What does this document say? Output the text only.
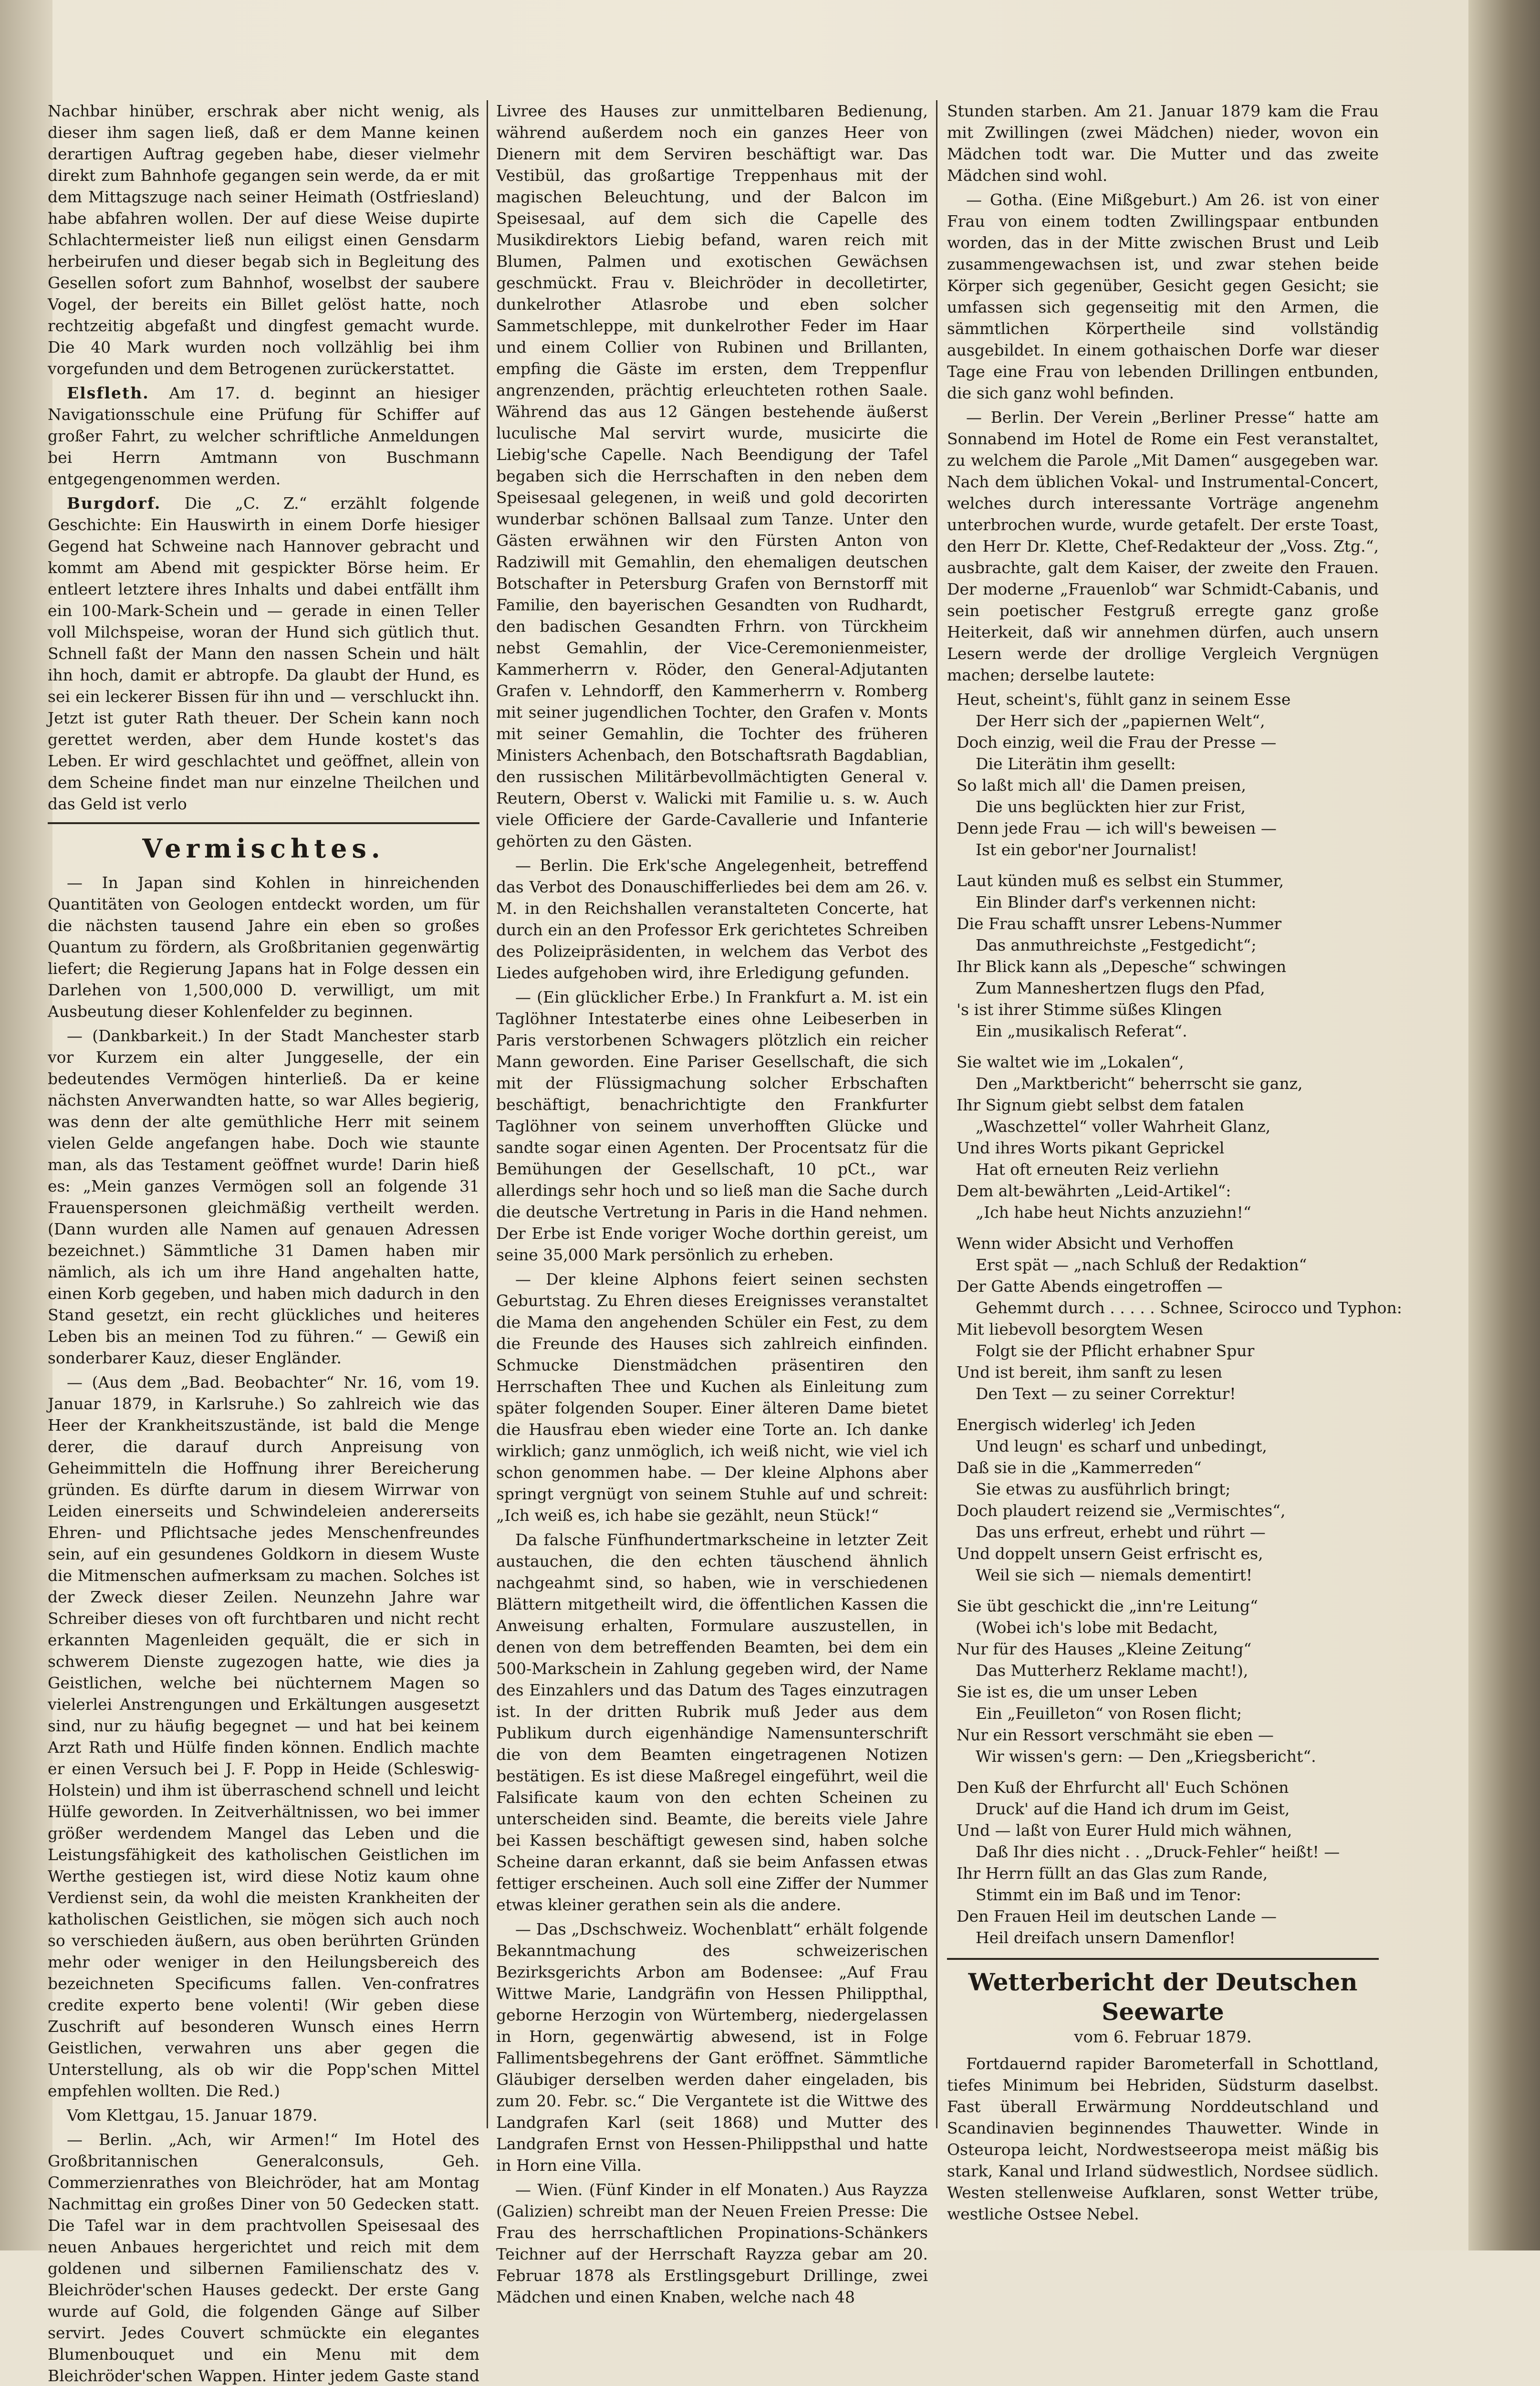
Nachbar hinüber, erschrak aber nicht wenig, als dieser ihm sagen ließ, daß er dem Manne keinen derartigen Auftrag gegeben habe, dieser vielmehr direkt zum Bahnhofe gegangen sein werde, da er mit dem Mittagszuge nach seiner Heimath (Ostfriesland) habe abfahren wollen. Der auf diese Weise dupirte Schlachtermeister ließ nun eiligst einen Gensdarm herbeirufen und dieser begab sich in Begleitung des Gesellen sofort zum Bahnhof, woselbst der saubere Vogel, der bereits ein Billet gelöst hatte, noch rechtzeitig abgefaßt und dingfest gemacht wurde. Die 40 Mark wurden noch vollzählig bei ihm vorgefunden und dem Betrogenen zurückerstattet.

Elsfleth. Am 17. d. beginnt an hiesiger Navigationsschule eine Prüfung für Schiffer auf großer Fahrt, zu welcher schriftliche Anmeldungen bei Herrn Amtmann von Buschmann entgegengenommen werden.

Burgdorf. Die „C. Z.“ erzählt folgende Geschichte: Ein Hauswirth in einem Dorfe hiesiger Gegend hat Schweine nach Hannover gebracht und kommt am Abend mit gespickter Börse heim. Er entleert letztere ihres Inhalts und dabei entfällt ihm ein 100-Mark-Schein und — gerade in einen Teller voll Milchspeise, woran der Hund sich gütlich thut. Schnell faßt der Mann den nassen Schein und hält ihn hoch, damit er abtropfe. Da glaubt der Hund, es sei ein leckerer Bissen für ihn und — verschluckt ihn. Jetzt ist guter Rath theuer. Der Schein kann noch gerettet werden, aber dem Hunde kostet's das Leben. Er wird geschlachtet und geöffnet, allein von dem Scheine findet man nur einzelne Theilchen und das Geld ist verlo

Vermischtes.

— In Japan sind Kohlen in hinreichenden Quantitäten von Geologen entdeckt worden, um für die nächsten tausend Jahre ein eben so großes Quantum zu fördern, als Großbritanien gegenwärtig liefert; die Regierung Japans hat in Folge dessen ein Darlehen von 1,500,000 D. verwilligt, um mit Ausbeutung dieser Kohlenfelder zu beginnen.

— (Dankbarkeit.) In der Stadt Manchester starb vor Kurzem ein alter Junggeselle, der ein bedeutendes Vermögen hinterließ. Da er keine nächsten Anverwandten hatte, so war Alles begierig, was denn der alte gemüthliche Herr mit seinem vielen Gelde angefangen habe. Doch wie staunte man, als das Testament geöffnet wurde! Darin hieß es: „Mein ganzes Vermögen soll an folgende 31 Frauenspersonen gleichmäßig vertheilt werden. (Dann wurden alle Namen auf genauen Adressen bezeichnet.) Sämmtliche 31 Damen haben mir nämlich, als ich um ihre Hand angehalten hatte, einen Korb gegeben, und haben mich dadurch in den Stand gesetzt, ein recht glückliches und heiteres Leben bis an meinen Tod zu führen.“ — Gewiß ein sonderbarer Kauz, dieser Engländer.

— (Aus dem „Bad. Beobachter“ Nr. 16, vom 19. Januar 1879, in Karlsruhe.) So zahlreich wie das Heer der Krankheitszustände, ist bald die Menge derer, die darauf durch Anpreisung von Geheimmitteln die Hoffnung ihrer Bereicherung gründen. Es dürfte darum in diesem Wirrwar von Leiden einerseits und Schwindeleien andererseits Ehren- und Pflichtsache jedes Menschenfreundes sein, auf ein gesundenes Goldkorn in diesem Wuste die Mitmenschen aufmerksam zu machen. Solches ist der Zweck dieser Zeilen. Neunzehn Jahre war Schreiber dieses von oft furchtbaren und nicht recht erkannten Magenleiden gequält, die er sich in schwerem Dienste zugezogen hatte, wie dies ja Geistlichen, welche bei nüchternem Magen so vielerlei Anstrengungen und Erkältungen ausgesetzt sind, nur zu häufig begegnet — und hat bei keinem Arzt Rath und Hülfe finden können. Endlich machte er einen Versuch bei J. F. Popp in Heide (Schleswig-Holstein) und ihm ist überraschend schnell und leicht Hülfe geworden. In Zeitverhältnissen, wo bei immer größer werdendem Mangel das Leben und die Leistungsfähigkeit des katholischen Geistlichen im Werthe gestiegen ist, wird diese Notiz kaum ohne Verdienst sein, da wohl die meisten Krankheiten der katholischen Geistlichen, sie mögen sich auch noch so verschieden äußern, aus oben berührten Gründen mehr oder weniger in den Heilungsbereich des bezeichneten Specificums fallen. Ven-confratres credite experto bene volenti! (Wir geben diese Zuschrift auf besonderen Wunsch eines Herrn Geistlichen, verwahren uns aber gegen die Unterstellung, als ob wir die Popp'schen Mittel empfehlen wollten. Die Red.)

Vom Klettgau, 15. Januar 1879.

— Berlin. „Ach, wir Armen!“ Im Hotel des Großbritannischen Generalconsuls, Geh. Commerzienrathes von Bleichröder, hat am Montag Nachmittag ein großes Diner von 50 Gedecken statt. Die Tafel war in dem prachtvollen Speisesaal des neuen Anbaues hergerichtet und reich mit dem goldenen und silbernen Familienschatz des v. Bleichröder'schen Hauses gedeckt. Der erste Gang wurde auf Gold, die folgenden Gänge auf Silber servirt. Jedes Couvert schmückte ein elegantes Blumenbouquet und ein Menu mit dem Bleichröder'schen Wappen. Hinter jedem Gaste stand

Livree des Hauses zur unmittelbaren Bedienung, während außerdem noch ein ganzes Heer von Dienern mit dem Serviren beschäftigt war. Das Vestibül, das großartige Treppenhaus mit der magischen Beleuchtung, und der Balcon im Speisesaal, auf dem sich die Capelle des Musikdirektors Liebig befand, waren reich mit Blumen, Palmen und exotischen Gewächsen geschmückt. Frau v. Bleichröder in decolletirter, dunkelrother Atlasrobe und eben solcher Sammetschleppe, mit dunkelrother Feder im Haar und einem Collier von Rubinen und Brillanten, empfing die Gäste im ersten, dem Treppenflur angrenzenden, prächtig erleuchteten rothen Saale. Während das aus 12 Gängen bestehende äußerst luculische Mal servirt wurde, musicirte die Liebig'sche Capelle. Nach Beendigung der Tafel begaben sich die Herrschaften in den neben dem Speisesaal gelegenen, in weiß und gold decorirten wunderbar schönen Ballsaal zum Tanze. Unter den Gästen erwähnen wir den Fürsten Anton von Radziwill mit Gemahlin, den ehemaligen deutschen Botschafter in Petersburg Grafen von Bernstorff mit Familie, den bayerischen Gesandten von Rudhardt, den badischen Gesandten Frhrn. von Türckheim nebst Gemahlin, der Vice-Ceremonienmeister, Kammerherrn v. Röder, den General-Adjutanten Grafen v. Lehndorff, den Kammerherrn v. Romberg mit seiner jugendlichen Tochter, den Grafen v. Monts mit seiner Gemahlin, die Tochter des früheren Ministers Achenbach, den Botschaftsrath Bagdablian, den russischen Militärbevollmächtigten General v. Reutern, Oberst v. Walicki mit Familie u. s. w. Auch viele Officiere der Garde-Cavallerie und Infanterie gehörten zu den Gästen.

— Berlin. Die Erk'sche Angelegenheit, betreffend das Verbot des Donauschifferliedes bei dem am 26. v. M. in den Reichshallen veranstalteten Concerte, hat durch ein an den Professor Erk gerichtetes Schreiben des Polizeipräsidenten, in welchem das Verbot des Liedes aufgehoben wird, ihre Erledigung gefunden.

— (Ein glücklicher Erbe.) In Frankfurt a. M. ist ein Taglöhner Intestaterbe eines ohne Leibeserben in Paris verstorbenen Schwagers plötzlich ein reicher Mann geworden. Eine Pariser Gesellschaft, die sich mit der Flüssigmachung solcher Erbschaften beschäftigt, benachrichtigte den Frankfurter Taglöhner von seinem unverhofften Glücke und sandte sogar einen Agenten. Der Procentsatz für die Bemühungen der Gesellschaft, 10 pCt., war allerdings sehr hoch und so ließ man die Sache durch die deutsche Vertretung in Paris in die Hand nehmen. Der Erbe ist Ende voriger Woche dorthin gereist, um seine 35,000 Mark persönlich zu erheben.

— Der kleine Alphons feiert seinen sechsten Geburtstag. Zu Ehren dieses Ereignisses veranstaltet die Mama den angehenden Schüler ein Fest, zu dem die Freunde des Hauses sich zahlreich einfinden. Schmucke Dienstmädchen präsentiren den Herrschaften Thee und Kuchen als Einleitung zum später folgenden Souper. Einer älteren Dame bietet die Hausfrau eben wieder eine Torte an. Ich danke wirklich; ganz unmöglich, ich weiß nicht, wie viel ich schon genommen habe. — Der kleine Alphons aber springt vergnügt von seinem Stuhle auf und schreit: „Ich weiß es, ich habe sie gezählt, neun Stück!“

Da falsche Fünfhundertmarkscheine in letzter Zeit austauchen, die den echten täuschend ähnlich nachgeahmt sind, so haben, wie in verschiedenen Blättern mitgetheilt wird, die öffentlichen Kassen die Anweisung erhalten, Formulare auszustellen, in denen von dem betreffenden Beamten, bei dem ein 500-Markschein in Zahlung gegeben wird, der Name des Einzahlers und das Datum des Tages einzutragen ist. In der dritten Rubrik muß Jeder aus dem Publikum durch eigenhändige Namensunterschrift die von dem Beamten eingetragenen Notizen bestätigen. Es ist diese Maßregel eingeführt, weil die Falsificate kaum von den echten Scheinen zu unterscheiden sind. Beamte, die bereits viele Jahre bei Kassen beschäftigt gewesen sind, haben solche Scheine daran erkannt, daß sie beim Anfassen etwas fettiger erscheinen. Auch soll eine Ziffer der Nummer etwas kleiner gerathen sein als die andere.

— Das „Dschschweiz. Wochenblatt“ erhält folgende Bekanntmachung des schweizerischen Bezirksgerichts Arbon am Bodensee: „Auf Frau Wittwe Marie, Landgräfin von Hessen Philippthal, geborne Herzogin von Würtemberg, niedergelassen in Horn, gegenwärtig abwesend, ist in Folge Fallimentsbegehrens der Gant eröffnet. Sämmtliche Gläubiger derselben werden daher eingeladen, bis zum 20. Febr. sc.“ Die Vergantete ist die Wittwe des Landgrafen Karl (seit 1868) und Mutter des Landgrafen Ernst von Hessen-Philippsthal und hatte in Horn eine Villa.

— Wien. (Fünf Kinder in elf Monaten.) Aus Rayzza (Galizien) schreibt man der Neuen Freien Presse: Die Frau des herrschaftlichen Propinations-Schänkers Teichner auf der Herrschaft Rayzza gebar am 20. Februar 1878 als Erstlingsgeburt Drillinge, zwei Mädchen und einen Knaben, welche nach 48

Stunden starben. Am 21. Januar 1879 kam die Frau mit Zwillingen (zwei Mädchen) nieder, wovon ein Mädchen todt war. Die Mutter und das zweite Mädchen sind wohl.

— Gotha. (Eine Mißgeburt.) Am 26. ist von einer Frau von einem todten Zwillingspaar entbunden worden, das in der Mitte zwischen Brust und Leib zusammengewachsen ist, und zwar stehen beide Körper sich gegenüber, Gesicht gegen Gesicht; sie umfassen sich gegenseitig mit den Armen, die sämmtlichen Körpertheile sind vollständig ausgebildet. In einem gothaischen Dorfe war dieser Tage eine Frau von lebenden Drillingen entbunden, die sich ganz wohl befinden.

— Berlin. Der Verein „Berliner Presse“ hatte am Sonnabend im Hotel de Rome ein Fest veranstaltet, zu welchem die Parole „Mit Damen“ ausgegeben war. Nach dem üblichen Vokal- und Instrumental-Concert, welches durch interessante Vorträge angenehm unterbrochen wurde, wurde getafelt. Der erste Toast, den Herr Dr. Klette, Chef-Redakteur der „Voss. Ztg.“, ausbrachte, galt dem Kaiser, der zweite den Frauen. Der moderne „Frauenlob“ war Schmidt-Cabanis, und sein poetischer Festgruß erregte ganz große Heiterkeit, daß wir annehmen dürfen, auch unsern Lesern werde der drollige Vergleich Vergnügen machen; derselbe lautete:

Heut, scheint's, fühlt ganz in seinem Esse
Der Herr sich der „papiernen Welt“,
Doch einzig, weil die Frau der Presse —
Die Literätin ihm gesellt:
So laßt mich all' die Damen preisen,
Die uns beglückten hier zur Frist,
Denn jede Frau — ich will's beweisen —
Ist ein gebor'ner Journalist!
Laut künden muß es selbst ein Stummer,
Ein Blinder darf's verkennen nicht:
Die Frau schafft unsrer Lebens-Nummer
Das anmuthreichste „Festgedicht“;
Ihr Blick kann als „Depesche“ schwingen
Zum Manneshertzen flugs den Pfad,
's ist ihrer Stimme süßes Klingen
Ein „musikalisch Referat“.
Sie waltet wie im „Lokalen“,
Den „Marktbericht“ beherrscht sie ganz,
Ihr Signum giebt selbst dem fatalen
„Waschzettel“ voller Wahrheit Glanz,
Und ihres Worts pikant Geprickel
Hat oft erneuten Reiz verliehn
Dem alt-bewährten „Leid-Artikel“:
„Ich habe heut Nichts anzuziehn!“
Wenn wider Absicht und Verhoffen
Erst spät — „nach Schluß der Redaktion“
Der Gatte Abends eingetroffen —
Gehemmt durch . . . . . Schnee, Scirocco und Typhon:
Mit liebevoll besorgtem Wesen
Folgt sie der Pflicht erhabner Spur
Und ist bereit, ihm sanft zu lesen
Den Text — zu seiner Correktur!
Energisch widerleg' ich Jeden
Und leugn' es scharf und unbedingt,
Daß sie in die „Kammerreden“
Sie etwas zu ausführlich bringt;
Doch plaudert reizend sie „Vermischtes“,
Das uns erfreut, erhebt und rührt —
Und doppelt unsern Geist erfrischt es,
Weil sie sich — niemals dementirt!
Sie übt geschickt die „inn're Leitung“
(Wobei ich's lobe mit Bedacht,
Nur für des Hauses „Kleine Zeitung“
Das Mutterherz Reklame macht!),
Sie ist es, die um unser Leben
Ein „Feuilleton“ von Rosen flicht;
Nur ein Ressort verschmäht sie eben —
Wir wissen's gern: — Den „Kriegsbericht“.
Den Kuß der Ehrfurcht all' Euch Schönen
Druck' auf die Hand ich drum im Geist,
Und — laßt von Eurer Huld mich wähnen,
Daß Ihr dies nicht . . „Druck-Fehler“ heißt! —
Ihr Herrn füllt an das Glas zum Rande,
Stimmt ein im Baß und im Tenor:
Den Frauen Heil im deutschen Lande —
Heil dreifach unsern Damenflor!
Wetterbericht der Deutschen Seewarte
vom 6. Februar 1879.

Fortdauernd rapider Barometerfall in Schottland, tiefes Minimum bei Hebriden, Südsturm daselbst. Fast überall Erwärmung Norddeutschland und Scandinavien beginnendes Thauwetter. Winde in Osteuropa leicht, Nordwestseeropa meist mäßig bis stark, Kanal und Irland südwestlich, Nordsee südlich. Westen stellenweise Aufklaren, sonst Wetter trübe, westliche Ostsee Nebel.
